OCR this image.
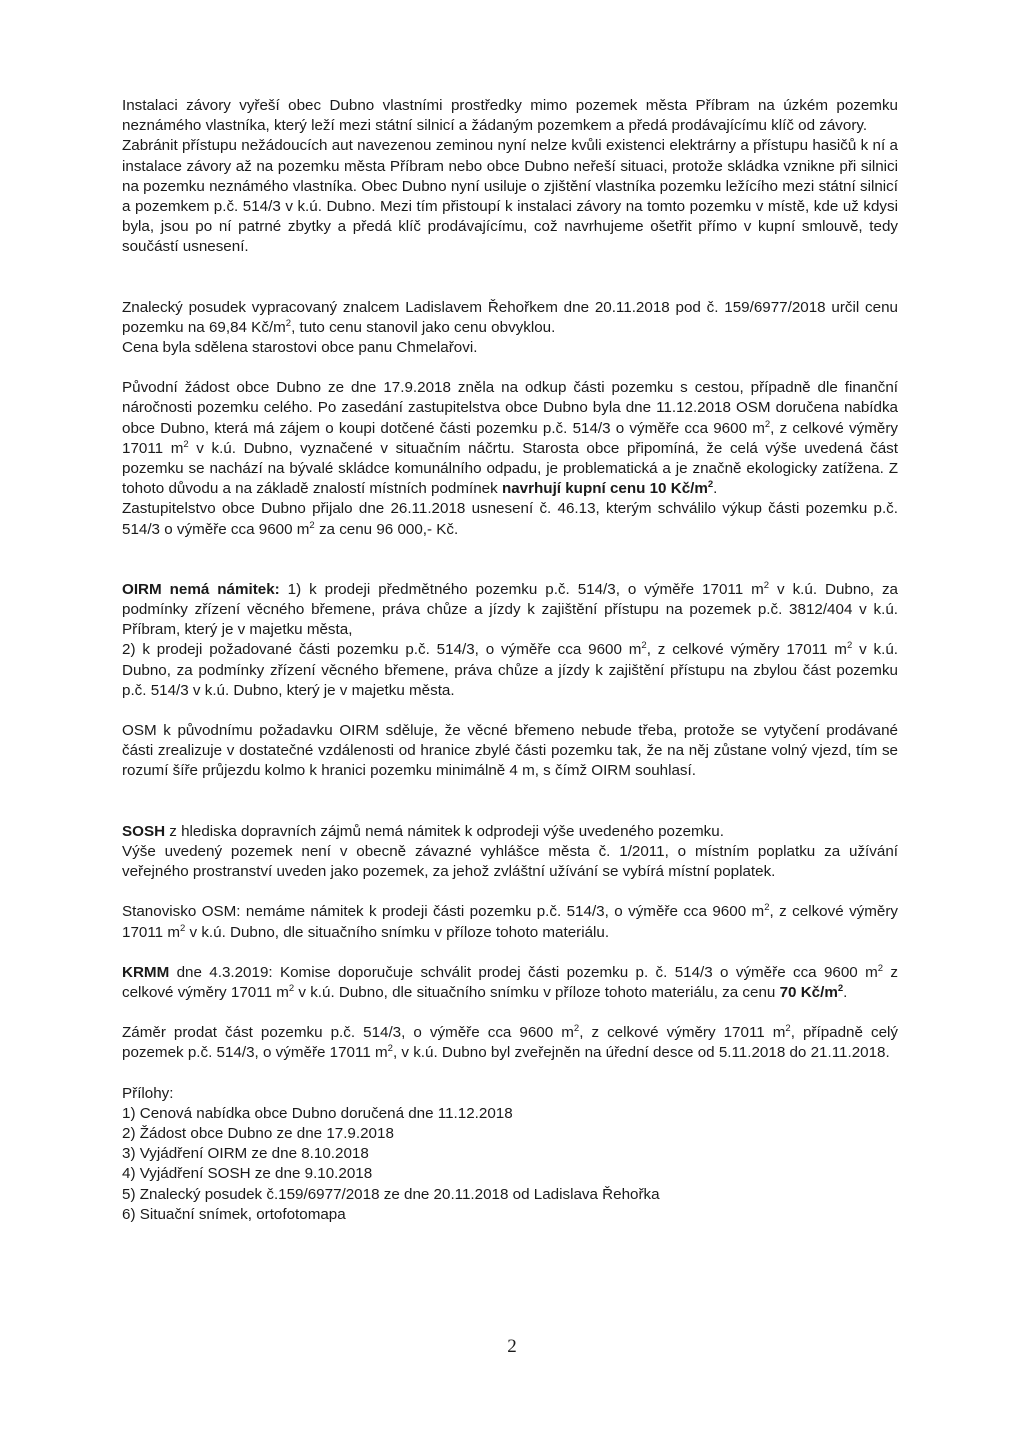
Instalaci závory vyřeší obec Dubno vlastními prostředky mimo pozemek města Příbram na úzkém pozemku neznámého vlastníka, který leží mezi státní silnicí a žádaným pozemkem a předá prodávajícímu klíč od závory.

Zabránit přístupu nežádoucích aut navezenou zeminou nyní nelze kvůli existenci elektrárny a přístupu hasičů k ní a instalace závory až na pozemku města Příbram nebo obce Dubno neřeší situaci, protože skládka vznikne při silnici na pozemku neznámého vlastníka. Obec Dubno nyní usiluje o zjištění vlastníka pozemku ležícího mezi státní silnicí a pozemkem p.č. 514/3 v k.ú. Dubno. Mezi tím přistoupí k instalaci závory na tomto pozemku v místě, kde už kdysi byla, jsou po ní patrné zbytky a předá klíč prodávajícímu, což navrhujeme ošetřit přímo v kupní smlouvě, tedy součástí usnesení.

Znalecký posudek vypracovaný znalcem Ladislavem Řehořkem dne 20.11.2018 pod č. 159/6977/2018 určil cenu pozemku na 69,84 $Kč/m^2$, tuto cenu stanovil jako cenu obvyklou.
Cena byla sdělena starostovi obce panu Chmelařovi.

Původní žádost obce Dubno ze dne 17.9.2018 zněla na odkup části pozemku s cestou, případně dle finanční náročnosti pozemku celého. Po zasedání zastupitelstva obce Dubno byla dne 11.12.2018 OSM doručena nabídka obce Dubno, která má zájem o koupi dotčené části pozemku p.č. 514/3 o výměře cca 9600 $m^2$, z celkové výměry 17011 $m^2$ v k.ú. Dubno, vyznačené v situačním náčrtu. Starosta obce připomíná, že celá výše uvedená část pozemku se nachází na bývalé skládce komunálního odpadu, je problematická a je značně ekologicky zatížena. Z tohoto důvodu a na základě znalostí místních podmínek navrhují kupní cenu 10 $Kč/m^2$.
Zastupitelstvo obce Dubno přijalo dne 26.11.2018 usnesení č. 46.13, kterým schválilo výkup části pozemku p.č. 514/3 o výměře cca 9600 $m^2$ za cenu 96 000,- Kč.

OIRM nemá námitek: 1) k prodeji předmětného pozemku p.č. 514/3, o výměře 17011 $m^2$ v k.ú. Dubno, za podmínky zřízení věcného břemene, práva chůze a jízdy k zajištění přístupu na pozemek p.č. 3812/404 v k.ú. Příbram, který je v majetku města,
2) k prodeji požadované části pozemku p.č. 514/3, o výměře cca 9600 $m^2$, z celkové výměry 17011 $m^2$ v k.ú. Dubno, za podmínky zřízení věcného břemene, práva chůze a jízdy k zajištění přístupu na zbylou část pozemku p.č. 514/3 v k.ú. Dubno, který je v majetku města.

OSM k původnímu požadavku OIRM sděluje, že věcné břemeno nebude třeba, protože se vytyčení prodávané části zrealizuje v dostatečné vzdálenosti od hranice zbylé části pozemku tak, že na něj zůstane volný vjezd, tím se rozumí šíře průjezdu kolmo k hranici pozemku minimálně 4 m, s čímž OIRM souhlasí.

SOSH z hlediska dopravních zájmů nemá námitek k odprodeji výše uvedeného pozemku.
Výše uvedený pozemek není v obecně závazné vyhlášce města č. 1/2011, o místním poplatku za užívání veřejného prostranství uveden jako pozemek, za jehož zvláštní užívání se vybírá místní poplatek.

Stanovisko OSM: nemáme námitek k prodeji části pozemku p.č. 514/3, o výměře cca 9600 $m^2$, z celkové výměry 17011 $m^2$ v k.ú. Dubno, dle situačního snímku v příloze tohoto materiálu.

KRMM dne 4.3.2019: Komise doporučuje schválit prodej části pozemku p. č. 514/3 o výměře cca 9600 $m^2$ z celkové výměry 17011 $m^2$ v k.ú. Dubno, dle situačního snímku v příloze tohoto materiálu, za cenu 70 $Kč/m^2$.

Záměr prodat část pozemku p.č. 514/3, o výměře cca 9600 $m^2$, z celkové výměry 17011 $m^2$, případně celý pozemek p.č. 514/3, o výměře 17011 $m^2$, v k.ú. Dubno byl zveřejněn na úřední desce od 5.11.2018 do 21.11.2018.

Přílohy:
1) Cenová nabídka obce Dubno doručená dne 11.12.2018
2) Žádost obce Dubno ze dne 17.9.2018
3) Vyjádření OIRM ze dne 8.10.2018
4) Vyjádření SOSH ze dne 9.10.2018
5) Znalecký posudek č.159/6977/2018 ze dne 20.11.2018 od Ladislava Řehořka
6) Situační snímek, ortofotomapa
2
